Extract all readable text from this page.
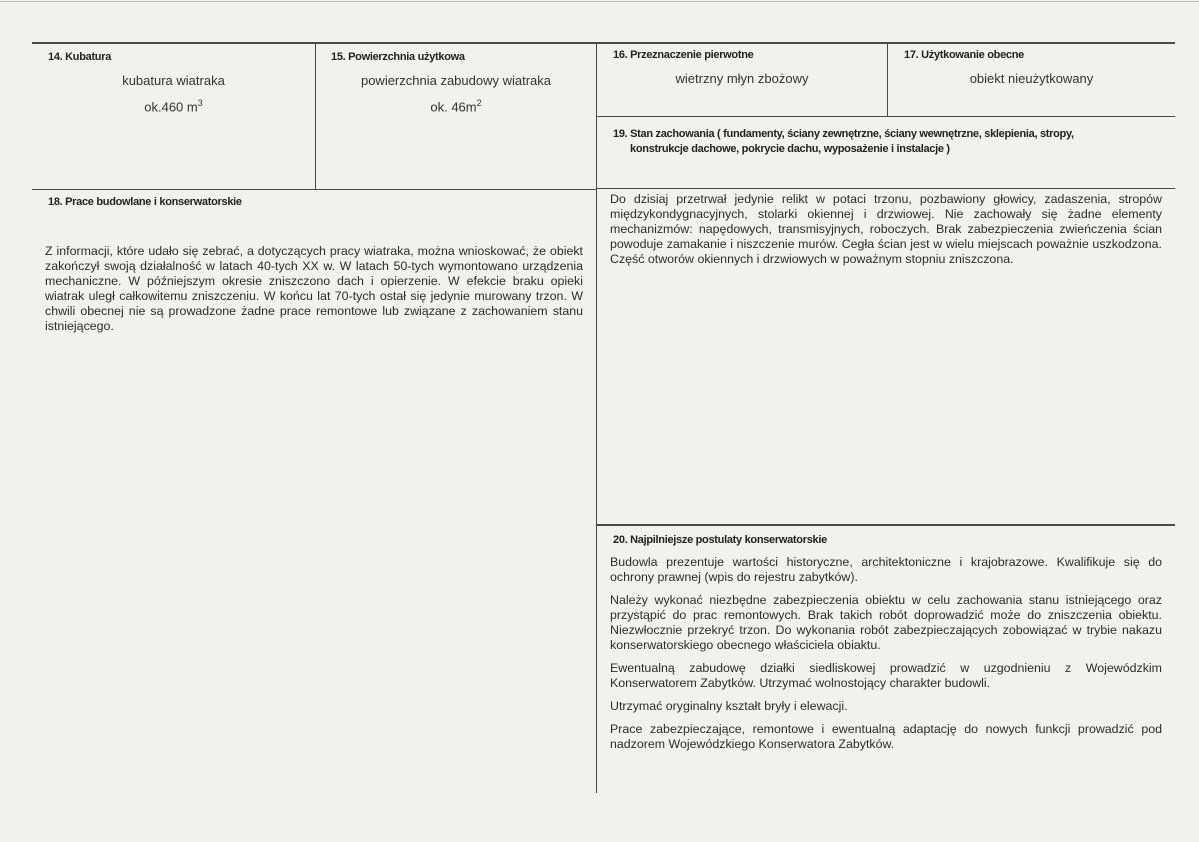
14. Kubatura
kubatura wiatraka
ok.460 $m^3$
15. Powierzchnia użytkowa
powierzchnia zabudowy wiatraka
ok. $46m^2$
16. Przeznaczenie pierwotne
wietrzny młyn zbożowy
17. Użytkowanie obecne
obiekt nieużytkowany
19. Stan zachowania ( fundamenty, ściany zewnętrzne, ściany wewnętrzne, sklepienia, stropy,
konstrukcje dachowe, pokrycie dachu, wyposażenie i instalacje )

Do dzisiaj przetrwał jedynie relikt w potaci trzonu, pozbawiony głowicy, zadaszenia, stropów międzykondygnacyjnych, stolarki okiennej i drzwiowej. Nie zachowały się żadne elementy mechanizmów: napędowych, transmisyjnych, roboczych. Brak zabezpieczenia zwieńczenia ścian powoduje zamakanie i niszczenie murów. Cegła ścian jest w wielu miejscach poważnie uszkodzona. Część otworów okiennych i drzwiowych w poważnym stopniu zniszczona.

18. Prace budowlane i konserwatorskie

Z informacji, które udało się zebrać, a dotyczących pracy wiatraka, można wnioskować, że obiekt zakończył swoją działalność w latach 40-tych XX w. W latach 50-tych wymontowano urządzenia mechaniczne. W późniejszym okresie zniszczono dach i opierzenie. W efekcie braku opieki wiatrak uległ całkowitemu zniszczeniu. W końcu lat 70-tych ostał się jedynie murowany trzon. W chwili obecnej nie są prowadzone żadne prace remontowe lub związane z zachowaniem stanu istniejącego.

20. Najpilniejsze postulaty konserwatorskie

Budowla prezentuje wartości historyczne, architektoniczne i krajobrazowe. Kwalifikuje się do ochrony prawnej (wpis do rejestru zabytków).

Należy wykonać niezbędne zabezpieczenia obiektu w celu zachowania stanu istniejącego oraz przystąpić do prac remontowych. Brak takich robót doprowadzić może do zniszczenia obiektu. Niezwłocznie przekryć trzon. Do wykonania robót zabezpieczających zobowiązać w trybie nakazu konserwatorskiego obecnego właściciela obiaktu.

Ewentualną zabudowę działki siedliskowej prowadzić w uzgodnieniu z Wojewódzkim Konserwatorem Zabytków. Utrzymać wolnostojący charakter budowli.

Utrzymać oryginalny kształt bryły i elewacji.

Prace zabezpieczające, remontowe i ewentualną adaptację do nowych funkcji prowadzić pod nadzorem Wojewódzkiego Konserwatora Zabytków.
